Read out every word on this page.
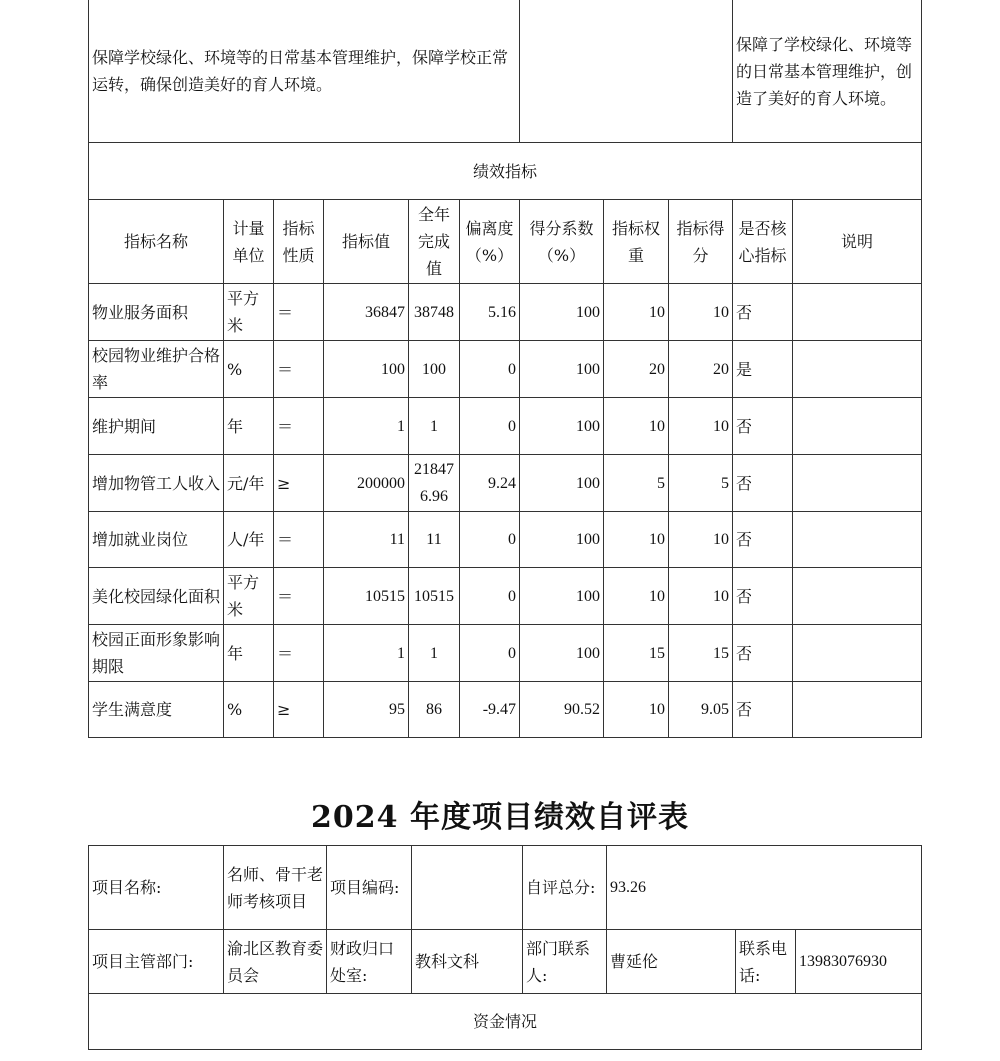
保障学校绿化、环境等的日常基本管理维护，保障学校正常运转，确保创造美好的育人环境。									保障了学校绿化、环境等的日常基本管理维护，创造了美好的育人环境。	
绩效指标										
指标名称	计量单位	指标性质	指标值	全年完成值	偏离度（%）	得分系数（%）	指标权重	指标得分	是否核心指标	说明
物业服务面积	平方米	＝	36847	38748	5.16	100	10	10	否	
校园物业维护合格率	%	＝	100	100	0	100	20	20	是	
维护期间	年	＝	1	1	0	100	10	10	否	
增加物管工人收入	元/年	≥	200000	218476.96	9.24	100	5	5	否	
增加就业岗位	人/年	＝	11	11	0	100	10	10	否	
美化校园绿化面积	平方米	＝	10515	10515	0	100	10	10	否	
校园正面形象影响期限	年	＝	1	1	0	100	15	15	否	
学生满意度	%	≥	95	86	-9.47	90.52	10	9.05	否	
2024 年度项目绩效自评表
项目名称:	名师、骨干老师考核项目	项目编码:		自评总分:	93.26		
项目主管部门:	渝北区教育委员会	财政归口处室:	教科文科	部门联系人:	曹延伦	联系电话:	13983076930
资金情况							
